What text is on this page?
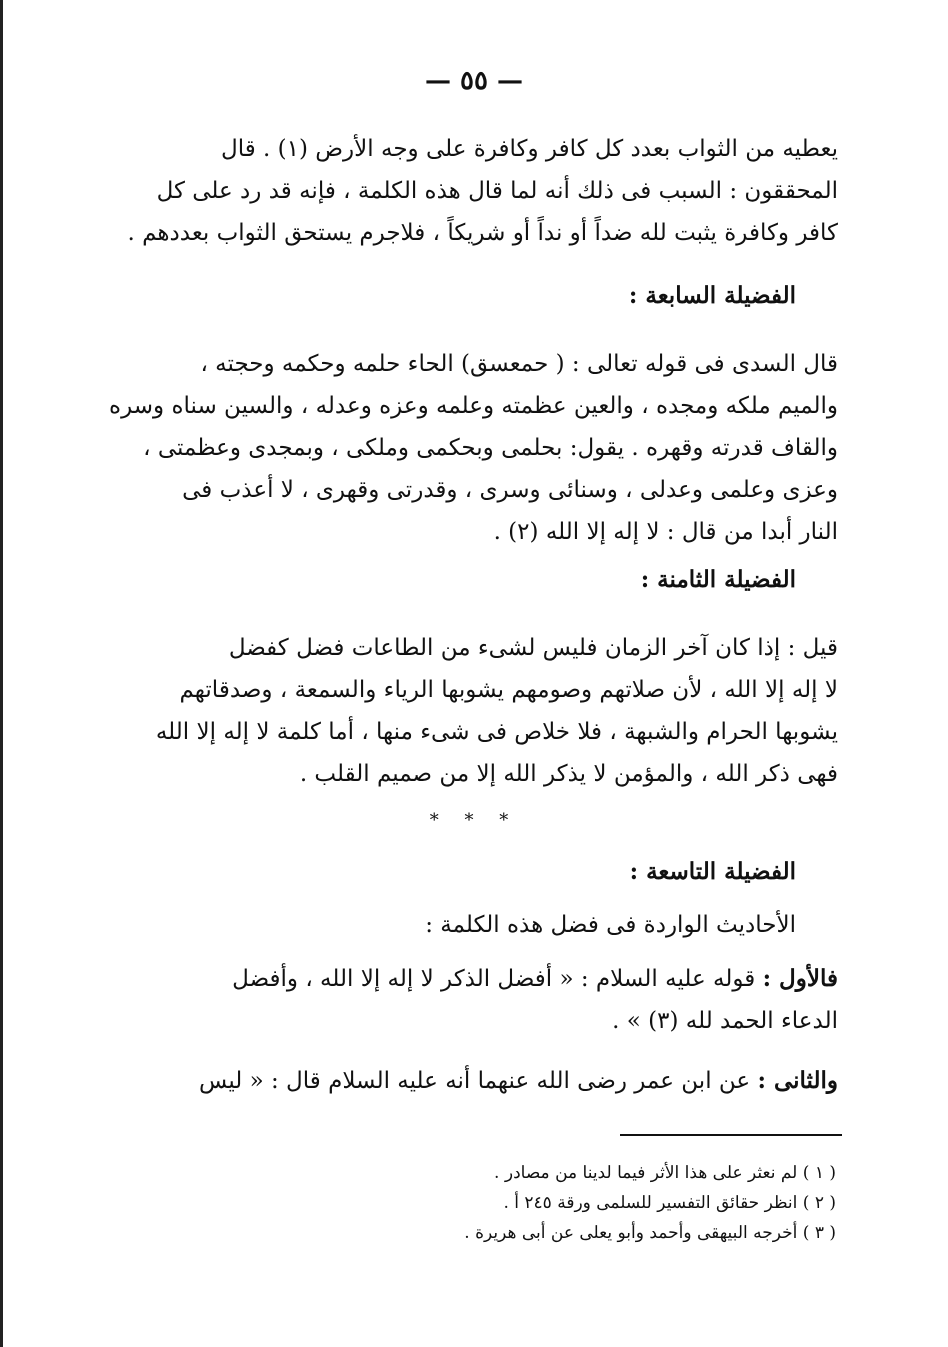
— ٥٥ —
يعطيه من الثواب بعدد كل كافر وكافرة على وجه الأرض (١) . قال
المحققون : السبب فى ذلك أنه لما قال هذه الكلمة ، فإنه قد رد على كل
كافر وكافرة يثبت لله ضداً أو نداً أو شريكاً ، فلاجرم يستحق الثواب بعددهم .
الفضيلة السابعة :
قال السدى فى قوله تعالى : ( حمعسق) الحاء حلمه وحكمه وحجته ،
والميم ملكه ومجده ، والعين عظمته وعلمه وعزه وعدله ، والسين سناه وسره
والقاف قدرته وقهره . يقول: بحلمى وبحكمى وملكى ، وبمجدى وعظمتى ،
وعزى وعلمى وعدلى ، وسنائى وسرى ، وقدرتى وقهرى ، لا أعذب فى
النار أبدا من قال : لا إله إلا الله (٢) .
الفضيلة الثامنة :
قيل : إذا كان آخر الزمان فليس لشىء من الطاعات فضل كفضل
لا إله إلا الله ، لأن صلاتهم وصومهم يشوبها الرياء والسمعة ، وصدقاتهم
يشوبها الحرام والشبهة ، فلا خلاص فى شىء منها ، أما كلمة لا إله إلا الله
فهى ذكر الله ، والمؤمن لا يذكر الله إلا من صميم القلب .
* * *
الفضيلة التاسعة :
الأحاديث الواردة فى فضل هذه الكلمة :
فالأول : قوله عليه السلام : « أفضل الذكر لا إله إلا الله ، وأفضل
الدعاء الحمد لله (٣) » .
والثانى : عن ابن عمر رضى الله عنهما أنه عليه السلام قال : « ليس
( ١ ) لم نعثر على هذا الأثر فيما لدينا من مصادر .
( ٢ ) انظر حقائق التفسير للسلمى ورقة ٢٤٥ أ .
( ٣ ) أخرجه البيهقى وأحمد وأبو يعلى عن أبى هريرة .
